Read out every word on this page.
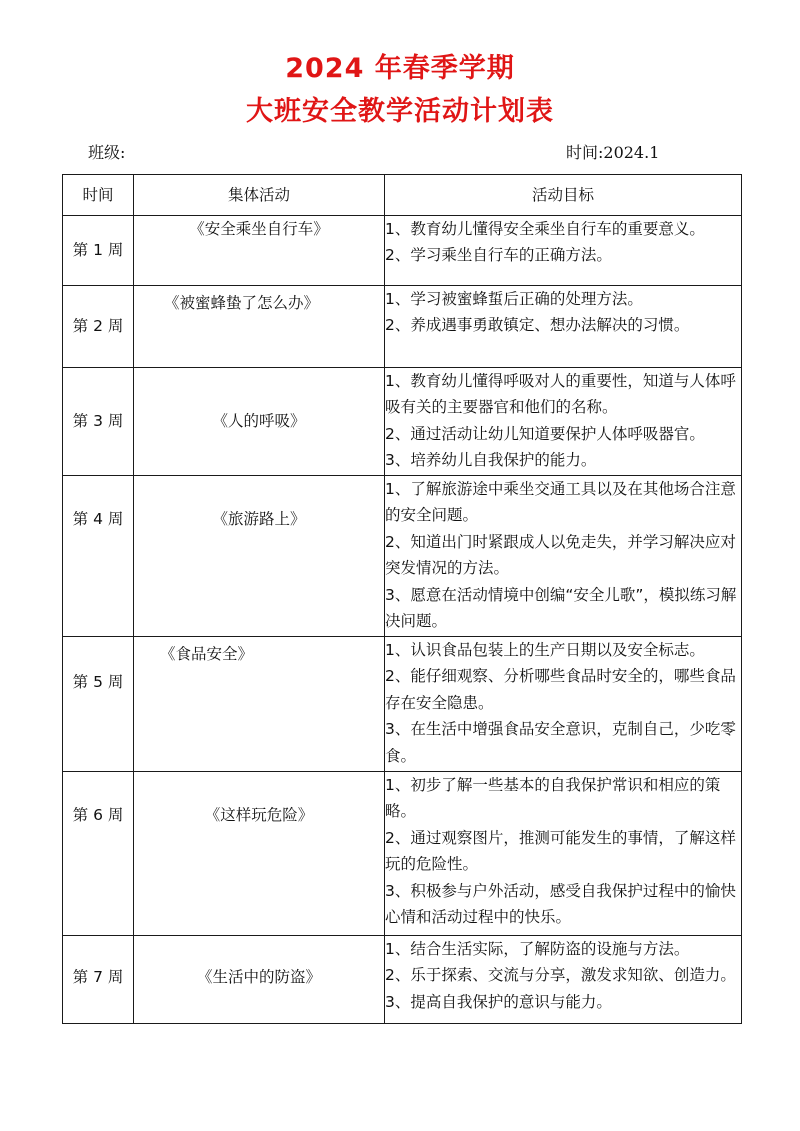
2024 年春季学期
大班安全教学活动计划表
班级:	时间:2024.1
时间	集体活动	活动目标
第 1 周	《安全乘坐自行车》	1、教育幼儿懂得安全乘坐自行车的重要意义。

2、学习乘坐自行车的正确方法。

第 2 周	《被蜜蜂蛰了怎么办》	1、学习被蜜蜂蜇后正确的处理方法。

2、养成遇事勇敢镇定、想办法解决的习惯。

第 3 周	《人的呼吸》	1、教育幼儿懂得呼吸对人的重要性，知道与人体呼吸有关的主要器官和他们的名称。

2、通过活动让幼儿知道要保护人体呼吸器官。

3、培养幼儿自我保护的能力。

第 4 周	《旅游路上》	1、了解旅游途中乘坐交通工具以及在其他场合注意的安全问题。

2、知道出门时紧跟成人以免走失，并学习解决应对突发情况的方法。

3、愿意在活动情境中创编“安全儿歌”，模拟练习解决问题。

第 5 周	《食品安全》	1、认识食品包装上的生产日期以及安全标志。

2、能仔细观察、分析哪些食品时安全的，哪些食品存在安全隐患。

3、在生活中增强食品安全意识，克制自己，少吃零食。

第 6 周	《这样玩危险》	1、初步了解一些基本的自我保护常识和相应的策略。

2、通过观察图片，推测可能发生的事情，了解这样玩的危险性。

3、积极参与户外活动，感受自我保护过程中的愉快心情和活动过程中的快乐。

第 7 周	《生活中的防盗》	1、结合生活实际，了解防盗的设施与方法。

2、乐于探索、交流与分享，激发求知欲、创造力。

3、提高自我保护的意识与能力。
